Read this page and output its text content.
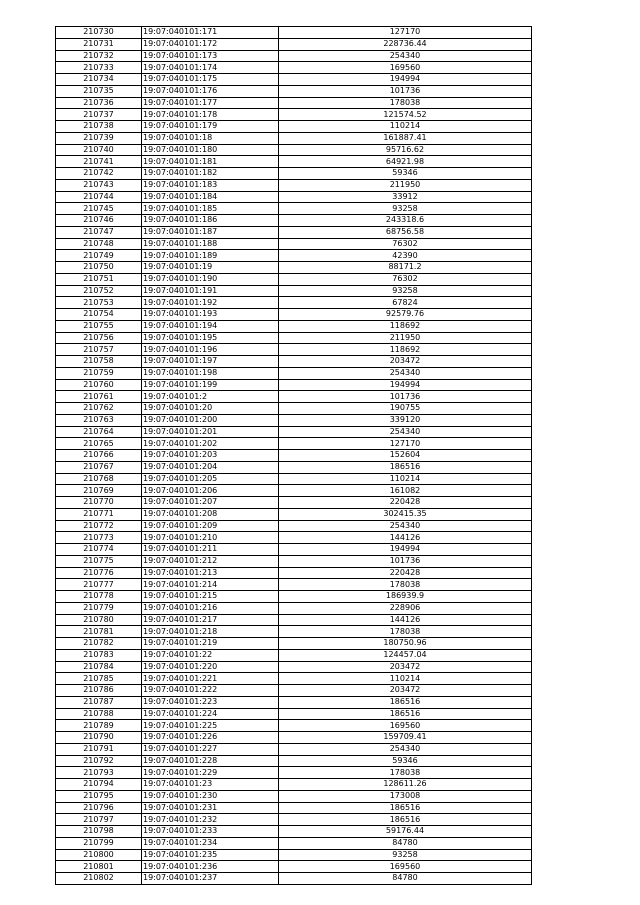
210730	19:07:040101:171	127170
210731	19:07:040101:172	228736.44
210732	19:07:040101:173	254340
210733	19:07:040101:174	169560
210734	19:07:040101:175	194994
210735	19:07:040101:176	101736
210736	19:07:040101:177	178038
210737	19:07:040101:178	121574.52
210738	19:07:040101:179	110214
210739	19:07:040101:18	161887.41
210740	19:07:040101:180	95716.62
210741	19:07:040101:181	64921.98
210742	19:07:040101:182	59346
210743	19:07:040101:183	211950
210744	19:07:040101:184	33912
210745	19:07:040101:185	93258
210746	19:07:040101:186	243318.6
210747	19:07:040101:187	68756.58
210748	19:07:040101:188	76302
210749	19:07:040101:189	42390
210750	19:07:040101:19	88171.2
210751	19:07:040101:190	76302
210752	19:07:040101:191	93258
210753	19:07:040101:192	67824
210754	19:07:040101:193	92579.76
210755	19:07:040101:194	118692
210756	19:07:040101:195	211950
210757	19:07:040101:196	118692
210758	19:07:040101:197	203472
210759	19:07:040101:198	254340
210760	19:07:040101:199	194994
210761	19:07:040101:2	101736
210762	19:07:040101:20	190755
210763	19:07:040101:200	339120
210764	19:07:040101:201	254340
210765	19:07:040101:202	127170
210766	19:07:040101:203	152604
210767	19:07:040101:204	186516
210768	19:07:040101:205	110214
210769	19:07:040101:206	161082
210770	19:07:040101:207	220428
210771	19:07:040101:208	302415.35
210772	19:07:040101:209	254340
210773	19:07:040101:210	144126
210774	19:07:040101:211	194994
210775	19:07:040101:212	101736
210776	19:07:040101:213	220428
210777	19:07:040101:214	178038
210778	19:07:040101:215	186939.9
210779	19:07:040101:216	228906
210780	19:07:040101:217	144126
210781	19:07:040101:218	178038
210782	19:07:040101:219	180750.96
210783	19:07:040101:22	124457.04
210784	19:07:040101:220	203472
210785	19:07:040101:221	110214
210786	19:07:040101:222	203472
210787	19:07:040101:223	186516
210788	19:07:040101:224	186516
210789	19:07:040101:225	169560
210790	19:07:040101:226	159709.41
210791	19:07:040101:227	254340
210792	19:07:040101:228	59346
210793	19:07:040101:229	178038
210794	19:07:040101:23	128611.26
210795	19:07:040101:230	173008
210796	19:07:040101:231	186516
210797	19:07:040101:232	186516
210798	19:07:040101:233	59176.44
210799	19:07:040101:234	84780
210800	19:07:040101:235	93258
210801	19:07:040101:236	169560
210802	19:07:040101:237	84780
